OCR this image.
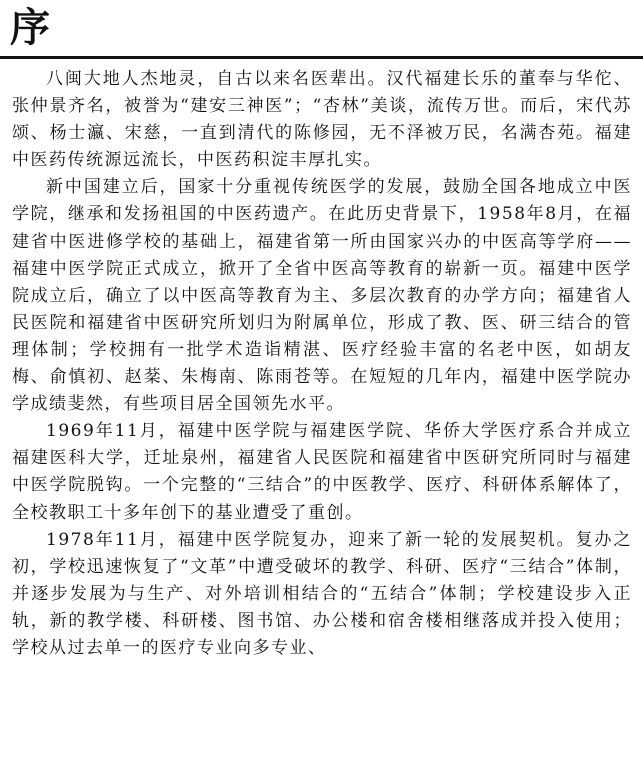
序

八闽大地人杰地灵，自古以来名医辈出。汉代福建长乐的董奉与华佗、张仲景齐名，被誉为“建安三神医”；“杏林”美谈，流传万世。而后，宋代苏颂、杨士瀛、宋慈，一直到清代的陈修园，无不泽被万民，名满杏苑。福建中医药传统源远流长，中医药积淀丰厚扎实。

新中国建立后，国家十分重视传统医学的发展，鼓励全国各地成立中医学院，继承和发扬祖国的中医药遗产。在此历史背景下，1958年8月，在福建省中医进修学校的基础上，福建省第一所由国家兴办的中医高等学府——福建中医学院正式成立，掀开了全省中医高等教育的崭新一页。福建中医学院成立后，确立了以中医高等教育为主、多层次教育的办学方向；福建省人民医院和福建省中医研究所划归为附属单位，形成了教、医、研三结合的管理体制；学校拥有一批学术造诣精湛、医疗经验丰富的名老中医，如胡友梅、俞慎初、赵棻、朱梅南、陈雨苍等。在短短的几年内，福建中医学院办学成绩斐然，有些项目居全国领先水平。

1969年11月，福建中医学院与福建医学院、华侨大学医疗系合并成立福建医科大学，迁址泉州，福建省人民医院和福建省中医研究所同时与福建中医学院脱钩。一个完整的“三结合”的中医教学、医疗、科研体系解体了，全校教职工十多年创下的基业遭受了重创。

1978年11月，福建中医学院复办，迎来了新一轮的发展契机。复办之初，学校迅速恢复了“文革”中遭受破坏的教学、科研、医疗“三结合”体制，并逐步发展为与生产、对外培训相结合的“五结合”体制；学校建设步入正轨，新的教学楼、科研楼、图书馆、办公楼和宿舍楼相继落成并投入使用；学校从过去单一的医疗专业向多专业、
